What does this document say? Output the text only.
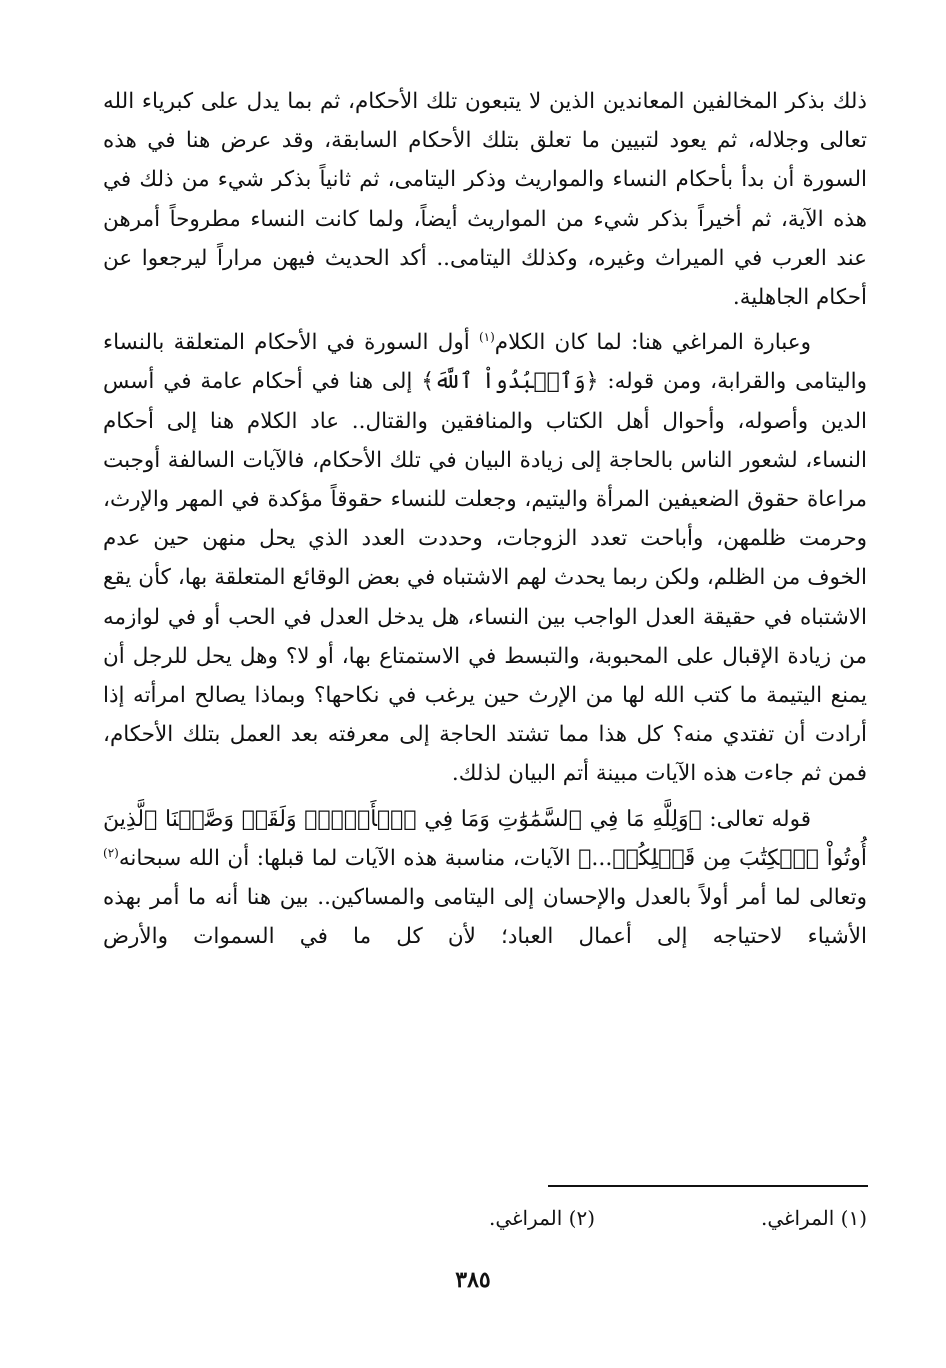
ذلك بذكر المخالفين المعاندين الذين لا يتبعون تلك الأحكام، ثم بما يدل على كبرياء الله تعالى وجلاله، ثم يعود لتبيين ما تعلق بتلك الأحكام السابقة، وقد عرض هنا في هذه السورة أن بدأ بأحكام النساء والمواريث وذكر اليتامى، ثم ثانياً بذكر شيء من ذلك في هذه الآية، ثم أخيراً بذكر شيء من المواريث أيضاً، ولما كانت النساء مطروحاً أمرهن عند العرب في الميراث وغيره، وكذلك اليتامى.. أكد الحديث فيهن مراراً ليرجعوا عن أحكام الجاهلية.

وعبارة المراغي هنا: لما كان الكلام$^{(١)}$ أول السورة في الأحكام المتعلقة بالنساء واليتامى والقرابة، ومن قوله: ﴿وَٱعۡبُدُواْ ٱللَّهَ﴾ إلى هنا في أحكام عامة في أسس الدين وأصوله، وأحوال أهل الكتاب والمنافقين والقتال.. عاد الكلام هنا إلى أحكام النساء، لشعور الناس بالحاجة إلى زيادة البيان في تلك الأحكام، فالآيات السالفة أوجبت مراعاة حقوق الضعيفين المرأة واليتيم، وجعلت للنساء حقوقاً مؤكدة في المهر والإرث، وحرمت ظلمهن، وأباحت تعدد الزوجات، وحددت العدد الذي يحل منهن حين عدم الخوف من الظلم، ولكن ربما يحدث لهم الاشتباه في بعض الوقائع المتعلقة بها، كأن يقع الاشتباه في حقيقة العدل الواجب بين النساء، هل يدخل العدل في الحب أو في لوازمه من زيادة الإقبال على المحبوبة، والتبسط في الاستمتاع بها، أو لا؟ وهل يحل للرجل أن يمنع اليتيمة ما كتب الله لها من الإرث حين يرغب في نكاحها؟ وبماذا يصالح امرأته إذا أرادت أن تفتدي منه؟ كل هذا مما تشتد الحاجة إلى معرفته بعد العمل بتلك الأحكام، فمن ثم جاءت هذه الآيات مبينة أتم البيان لذلك.

قوله تعالى: ﴿وَلِلَّهِ مَا فِي ٱلسَّمَٰوَٰتِ وَمَا فِي ٱلۡأَرۡضِۗ وَلَقَدۡ وَصَّيۡنَا ٱلَّذِينَ أُوتُواْ ٱلۡكِتَٰبَ مِن قَبۡلِكُمۡ...﴾ الآيات، مناسبة هذه الآيات لما قبلها: أن الله سبحانه$^{(٢)}$ وتعالى لما أمر أولاً بالعدل والإحسان إلى اليتامى والمساكين.. بين هنا أنه ما أمر بهذه الأشياء لاحتياجه إلى أعمال العباد؛ لأن كل ما في السموات والأرض

(١) المراغي.
(٢) المراغي.
٣٨٥
